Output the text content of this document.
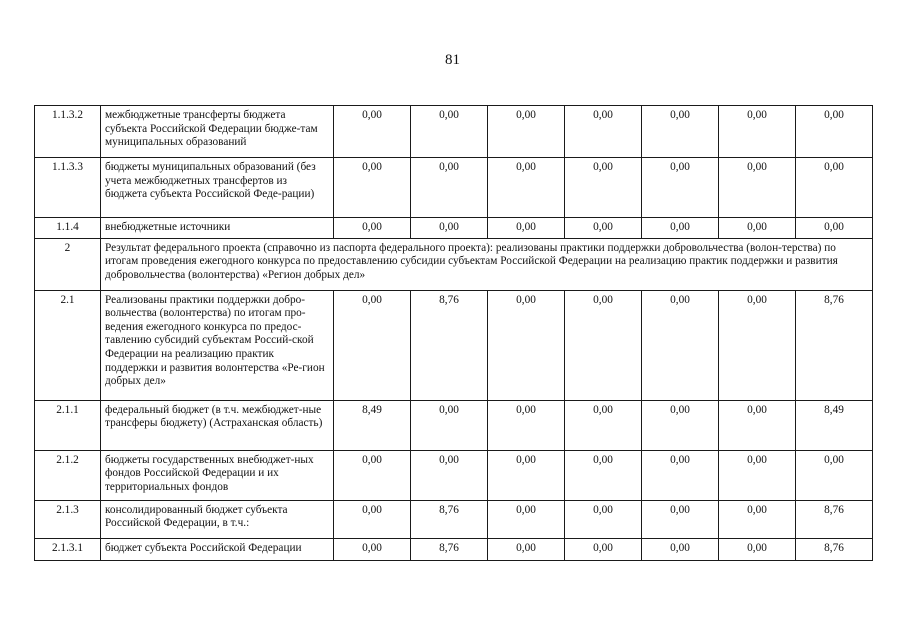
81
1.1.3.2	межбюджетные трансферты бюджета субъекта Российской Федерации бюдже-там муниципальных образований	0,00	0,00	0,00	0,00	0,00	0,00	0,00
1.1.3.3	бюджеты муниципальных образований (без учета межбюджетных трансфертов из бюджета субъекта Российской Феде-рации)	0,00	0,00	0,00	0,00	0,00	0,00	0,00
1.1.4	внебюджетные источники	0,00	0,00	0,00	0,00	0,00	0,00	0,00
2	Результат федерального проекта (справочно из паспорта федерального проекта): реализованы практики поддержки добровольчества (волон-терства) по итогам проведения ежегодного конкурса по предоставлению субсидии субъектам Российской Федерации на реализацию практик поддержки и развития добровольчества (волонтерства) «Регион добрых дел»							
2.1	Реализованы практики поддержки добро-вольчества (волонтерства) по итогам про-ведения ежегодного конкурса по предос-тавлению субсидий субъектам Россий-ской Федерации на реализацию практик поддержки и развития волонтерства «Ре-гион добрых дел»	0,00	8,76	0,00	0,00	0,00	0,00	8,76
2.1.1	федеральный бюджет (в т.ч. межбюджет-ные трансферы бюджету) (Астраханская область)	8,49	0,00	0,00	0,00	0,00	0,00	8,49
2.1.2	бюджеты государственных внебюджет-ных фондов Российской Федерации и их территориальных фондов	0,00	0,00	0,00	0,00	0,00	0,00	0,00
2.1.3	консолидированный бюджет субъекта Российской Федерации, в т.ч.:	0,00	8,76	0,00	0,00	0,00	0,00	8,76
2.1.3.1	бюджет субъекта Российской Федерации	0,00	8,76	0,00	0,00	0,00	0,00	8,76
